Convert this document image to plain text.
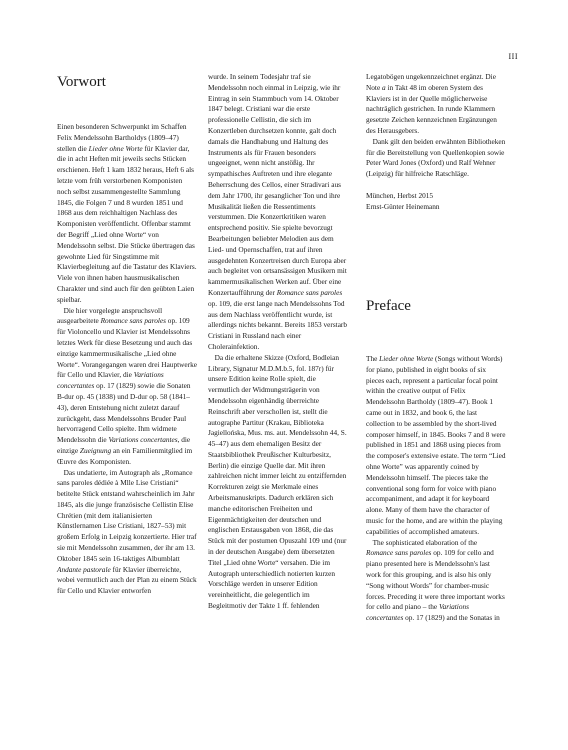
III
Vorwort

Einen besonderen Schwerpunkt im Schaffen Felix Mendelssohn Bartholdys (1809–47) stellen die Lieder ohne Worte für Klavier dar, die in acht Heften mit jeweils sechs Stücken erschienen. Heft 1 kam 1832 heraus, Heft 6 als letzte vom früh verstorbenen Komponisten noch selbst zusammengestellte Sammlung 1845, die Folgen 7 und 8 wurden 1851 und 1868 aus dem reichhaltigen Nachlass des Komponisten veröffentlicht. Offenbar stammt der Begriff „Lied ohne Worte“ von Mendelssohn selbst. Die Stücke übertragen das gewohnte Lied für Singstimme mit Klavierbegleitung auf die Tastatur des Klaviers. Viele von ihnen haben hausmusikalischen Charakter und sind auch für den geübten Laien spielbar.

Die hier vorgelegte anspruchsvoll ausgearbeitete Romance sans paroles op. 109 für Violoncello und Klavier ist Mendelssohns letztes Werk für diese Besetzung und auch das einzige kammermusikalische „Lied ohne Worte“. Vorangegangen waren drei Hauptwerke für Cello und Klavier, die Variations concertantes op. 17 (1829) sowie die Sonaten B-dur op. 45 (1838) und D-dur op. 58 (1841–43), deren Entstehung nicht zuletzt darauf zurückgeht, dass Mendelssohns Bruder Paul hervorragend Cello spielte. Ihm widmete Mendelssohn die Variations concertantes, die einzige Zueignung an ein Familienmitglied im Œuvre des Komponisten.

Das undatierte, im Autograph als „Romance sans paroles dédiée à Mlle Lise Cristiani“ betitelte Stück entstand wahrscheinlich im Jahr 1845, als die junge französische Cellistin Elise Chrétien (mit dem italianisierten Künstlernamen Lise Cristiani, 1827–53) mit großem Erfolg in Leipzig konzertierte. Hier traf sie mit Mendelssohn zusammen, der ihr am 13. Oktober 1845 sein 16-taktiges Albumblatt Andante pastorale für Klavier überreichte, wobei vermutlich auch der Plan zu einem Stück für Cello und Klavier entworfen

wurde. In seinem Todesjahr traf sie Mendelssohn noch einmal in Leipzig, wie ihr Eintrag in sein Stammbuch vom 14. Oktober 1847 belegt. Cristiani war die erste professionelle Cellistin, die sich im Konzertleben durchsetzen konnte, galt doch damals die Handhabung und Haltung des Instruments als für Frauen besonders ungeeignet, wenn nicht anstößig. Ihr sympathisches Auftreten und ihre elegante Beherrschung des Cellos, einer Stradivari aus dem Jahr 1700, ihr gesanglicher Ton und ihre Musikalität ließen die Ressentiments verstummen. Die Konzertkritiken waren entsprechend positiv. Sie spielte bevorzugt Bearbeitungen beliebter Melodien aus dem Lied- und Opernschaffen, trat auf ihren ausgedehnten Konzertreisen durch Europa aber auch begleitet von ortsansässigen Musikern mit kammermusikalischen Werken auf. Über eine Konzertaufführung der Romance sans paroles op. 109, die erst lange nach Mendelssohns Tod aus dem Nachlass veröffentlicht wurde, ist allerdings nichts bekannt. Bereits 1853 verstarb Cristiani in Russland nach einer Cholerainfektion.

Da die erhaltene Skizze (Oxford, Bodleian Library, Signatur M.D.M.b.5, fol. 187r) für unsere Edition keine Rolle spielt, die vermutlich der Widmungsträgerin von Mendelssohn eigenhändig überreichte Reinschrift aber verschollen ist, stellt die autographe Partitur (Krakau, Biblioteka Jagiellońska, Mus. ms. aut. Mendelssohn 44, S. 45–47) aus dem ehemaligen Besitz der Staatsbibliothek Preußischer Kulturbesitz, Berlin) die einzige Quelle dar. Mit ihren zahlreichen nicht immer leicht zu entziffernden Korrekturen zeigt sie Merkmale eines Arbeitsmanuskripts. Dadurch erklären sich manche editorischen Freiheiten und Eigenmächtigkeiten der deutschen und englischen Erstausgaben von 1868, die das Stück mit der postumen Opuszahl 109 und (nur in der deutschen Ausgabe) dem übersetzten Titel „Lied ohne Worte“ versahen. Die im Autograph unterschiedlich notierten kurzen Vorschläge werden in unserer Edition vereinheitlicht, die gelegentlich im Begleitmotiv der Takte 1 ff. fehlenden

Legatobögen ungekennzeichnet ergänzt. Die Note a in Takt 48 im oberen System des Klaviers ist in der Quelle möglicherweise nachträglich gestrichen. In runde Klammern gesetzte Zeichen kennzeichnen Ergänzungen des Herausgebers.

Dank gilt den beiden erwähnten Bibliotheken für die Bereitstellung von Quellenkopien sowie Peter Ward Jones (Oxford) und Ralf Wehner (Leipzig) für hilfreiche Ratschläge.

München, Herbst 2015

Ernst-Günter Heinemann

Preface

The Lieder ohne Worte (Songs without Words) for piano, published in eight books of six pieces each, represent a particular focal point within the creative output of Felix Mendelssohn Bartholdy (1809–47). Book 1 came out in 1832, and book 6, the last collection to be assembled by the short-lived composer himself, in 1845. Books 7 and 8 were published in 1851 and 1868 using pieces from the composer's extensive estate. The term “Lied ohne Worte” was apparently coined by Mendelssohn himself. The pieces take the conventional song form for voice with piano accompaniment, and adapt it for keyboard alone. Many of them have the character of music for the home, and are within the playing capabilities of accomplished amateurs.

The sophisticated elaboration of the Romance sans paroles op. 109 for cello and piano presented here is Mendelssohn's last work for this grouping, and is also his only “Song without Words” for chamber-music forces. Preceding it were three important works for cello and piano – the Variations concertantes op. 17 (1829) and the Sonatas in
